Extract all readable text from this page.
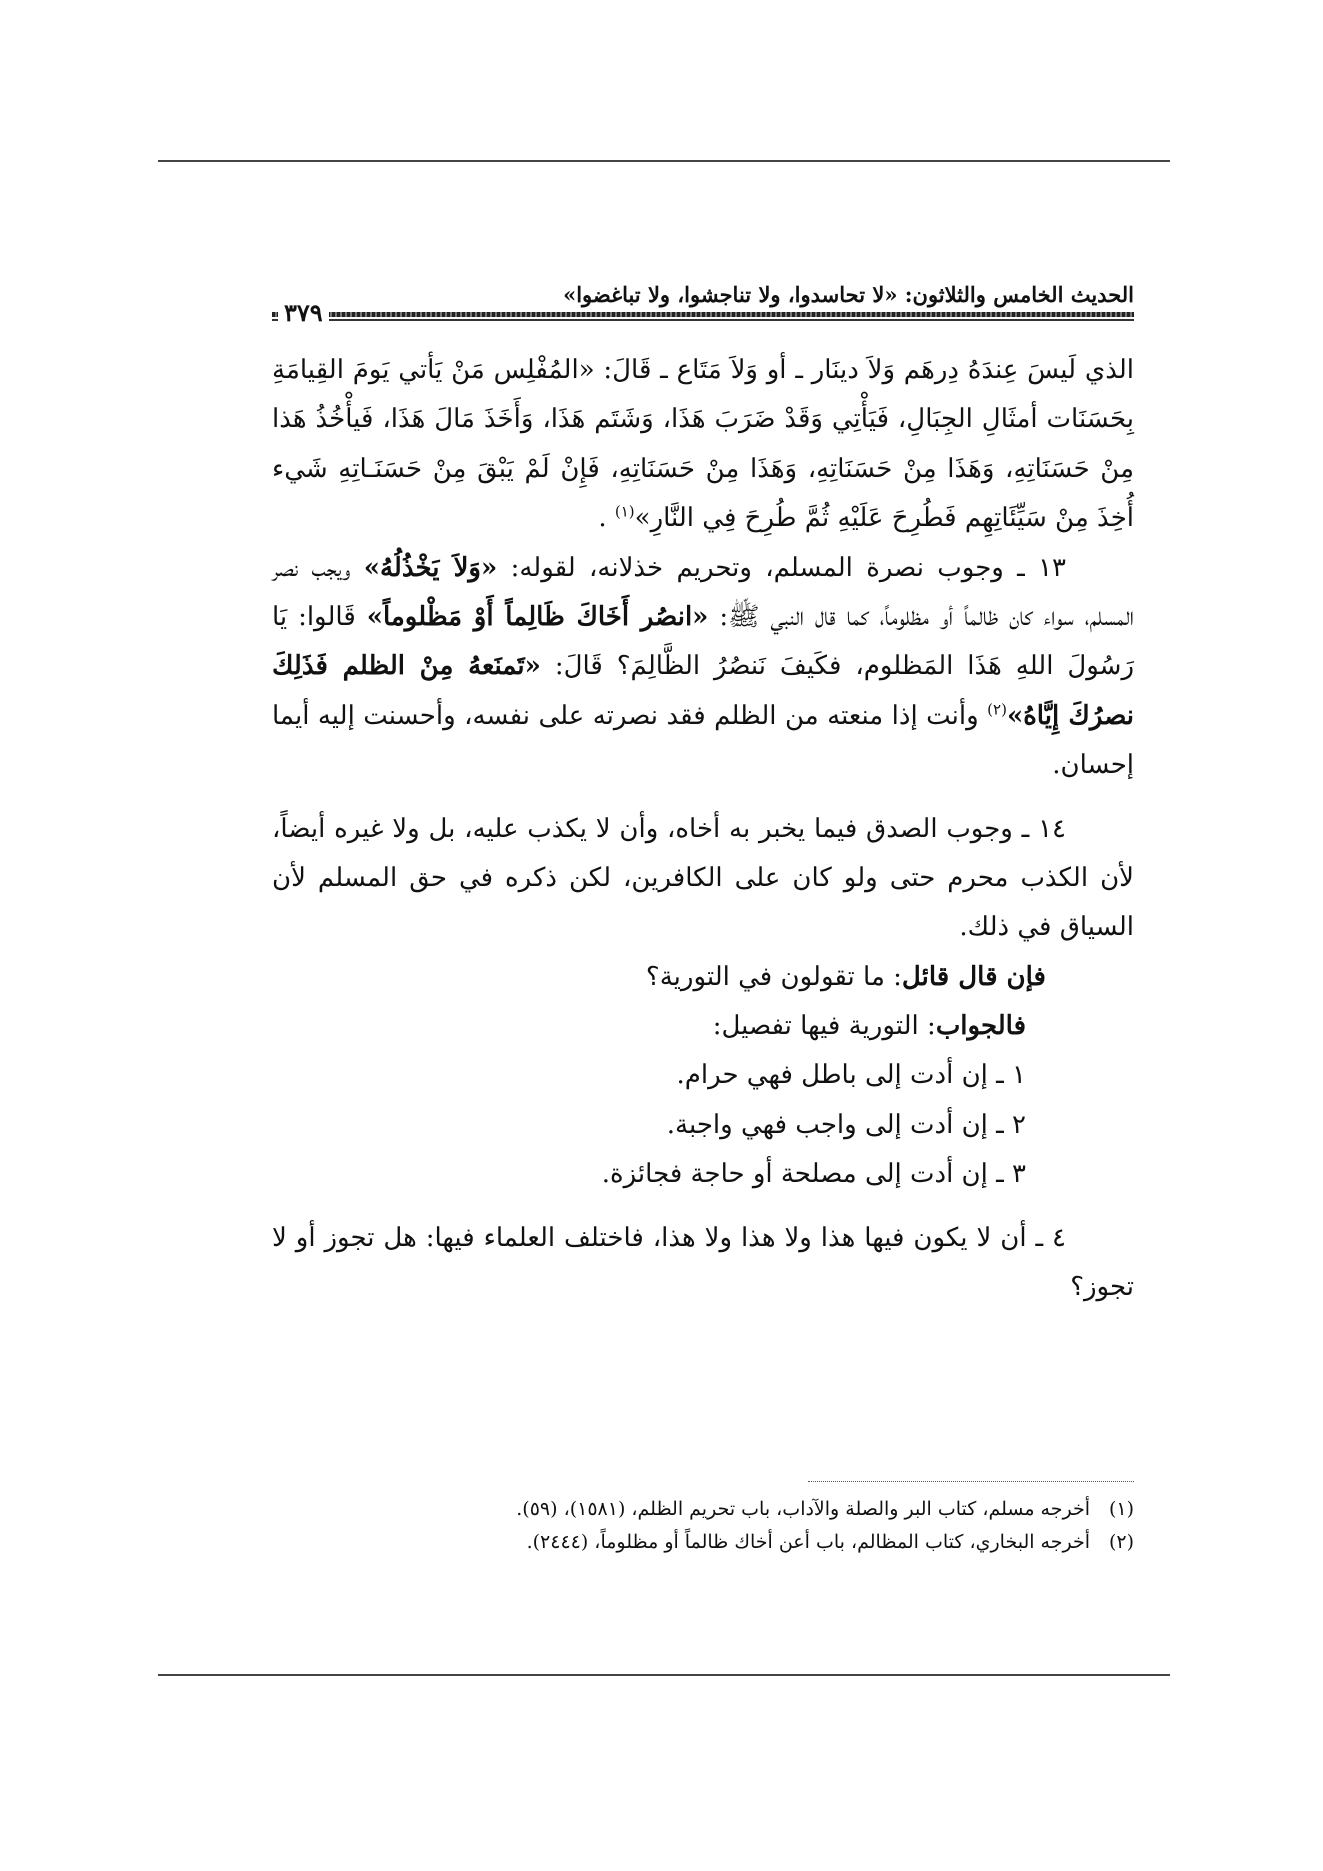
الحديث الخامس والثلاثون: «لا تحاسدوا، ولا تناجشوا، ولا تباغضوا»
٣٧٩

الذي لَيسَ عِندَهُ دِرهَم وَلاَ دينَار ـ أو وَلاَ مَتَاع ـ قَالَ: «المُفْلِس مَنْ يَأتي يَومَ القِيامَةِ بِحَسَنَات أمثَالِ الجِبَالِ، فَيَأْتِي وَقَدْ ضَرَبَ هَذَا، وَشَتَم هَذَا، وَأَخَذَ مَالَ هَذَا، فَيأْخُذُ هَذا مِنْ حَسَنَاتِهِ، وَهَذَا مِنْ حَسَنَاتِهِ، وَهَذَا مِنْ حَسَنَاتِهِ، فَإِنْ لَمْ يَبْقَ مِنْ حَسَنَـاتِهِ شَيء أُخِذَ مِنْ سَيِّئَاتِهِم فَطُرِحَ عَلَيْهِ ثُمَّ طُرِحَ فِي النَّارِ»$^{(١)}$ .

١٣ ـ وجوب نصرة المسلم، وتحريم خذلانه، لقوله: «وَلاَ يَخْذُلُهُ» ويجب نصر المسلم، سواء كان ظالماً أو مظلوماً، كما قال النبي ﷺ: «انصُر أَخَاكَ ظَالِماً أَوْ مَظْلوماً» قَالوا: يَا رَسُولَ اللهِ هَذَا المَظلوم، فكَيفَ نَنصُرُ الظَّالِمَ؟ قَالَ: «تَمنَعهُ مِنْ الظلم فَذَلِكَ نصرُكَ إِيَّاهُ»$^{(٢)}$ وأنت إذا منعته من الظلم فقد نصرته على نفسه، وأحسنت إليه أيما إحسان.

١٤ ـ وجوب الصدق فيما يخبر به أخاه، وأن لا يكذب عليه، بل ولا غيره أيضاً، لأن الكذب محرم حتى ولو كان على الكافرين، لكن ذكره في حق المسلم لأن السياق في ذلك.

فإن قال قائل: ما تقولون في التورية؟

فالجواب: التورية فيها تفصيل:

١ ـ إن أدت إلى باطل فهي حرام.

٢ ـ إن أدت إلى واجب فهي واجبة.

٣ ـ إن أدت إلى مصلحة أو حاجة فجائزة.

٤ ـ أن لا يكون فيها هذا ولا هذا ولا هذا، فاختلف العلماء فيها: هل تجوز أو لا تجوز؟

(١)أخرجه مسلم، كتاب البر والصلة والآداب، باب تحريم الظلم، (١٥٨١)، (٥٩).

(٢)أخرجه البخاري، كتاب المظالم، باب أعن أخاك ظالماً أو مظلوماً، (٢٤٤٤).
